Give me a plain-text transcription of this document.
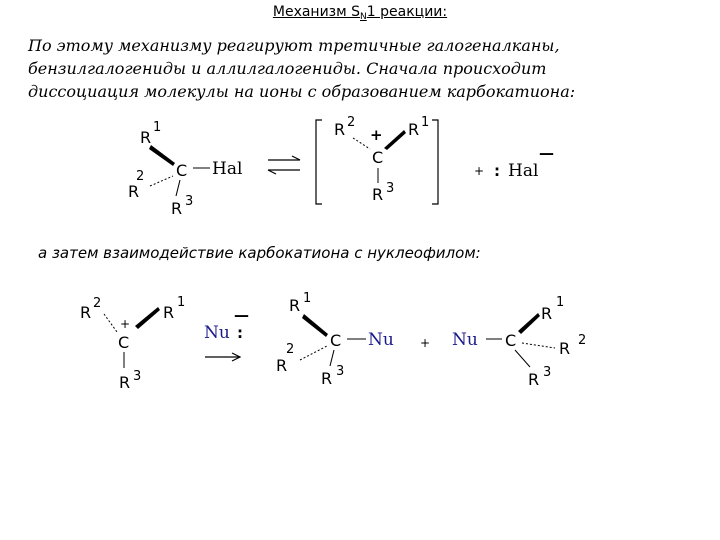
Механизм $S_N1$ реакции:
По этому механизму реагируют третичные галогеналканы,
бензилгалогениды и аллилгалогениды. Сначала происходит
диссоциация молекулы на ионы с образованием карбокатиона:
а затем взаимодействие карбокатиона с нуклеофилом:
R
1
R
2
R 3
C Hal
R 2
+ R 1
C
R 3
+ : Hal
—
R 2	R
1
+
C
R 3
Nu :
—	R 1
R
2 C
R 3
Nu + Nu C
R
1
R 2
R 3
